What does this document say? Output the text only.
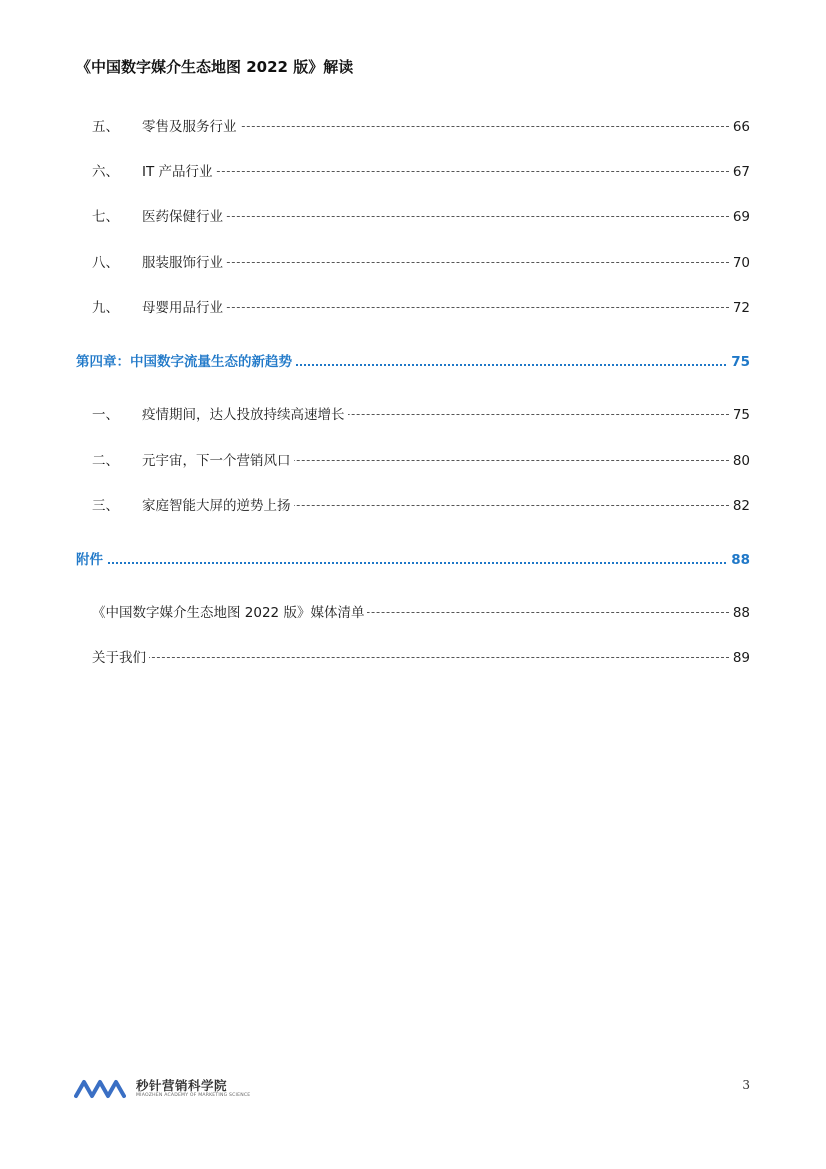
《中国数字媒介生态地图 2022 版》解读
五、 零售及服务行业	66
六、 IT 产品行业	67
七、 医药保健行业	69
八、 服装服饰行业	70
九、 母婴用品行业	72
第四章：中国数字流量生态的新趋势	75
一、 疫情期间，达人投放持续高速增长	75
二、 元宇宙，下一个营销风口	80
三、 家庭智能大屏的逆势上扬	82
附件	88
《中国数字媒介生态地图 2022 版》媒体清单	88
关于我们	89
秒针营销科学院
MIAOZHEN ACADEMY OF MARKETING SCIENCE
3
